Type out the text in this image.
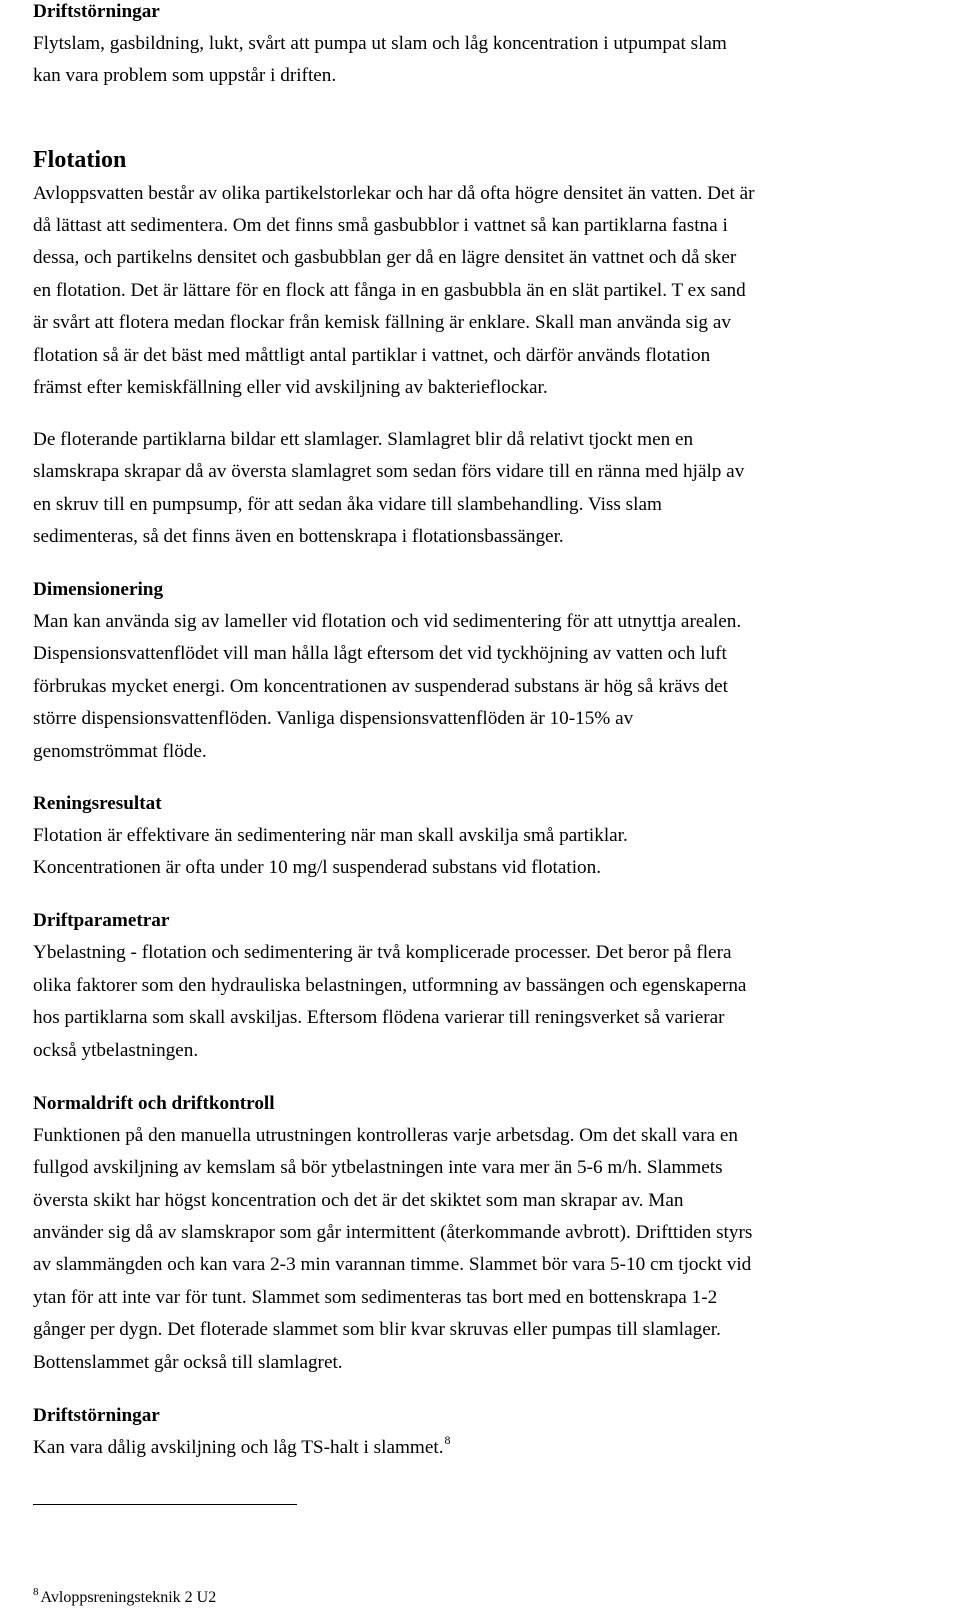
Driftstörningar
Flytslam, gasbildning, lukt, svårt att pumpa ut slam och låg koncentration i utpumpat slam
kan vara problem som uppstår i driften.
Flotation
Avloppsvatten består av olika partikelstorlekar och har då ofta högre densitet än vatten. Det är
då lättast att sedimentera. Om det finns små gasbubblor i vattnet så kan partiklarna fastna i
dessa, och partikelns densitet och gasbubblan ger då en lägre densitet än vattnet och då sker
en flotation. Det är lättare för en flock att fånga in en gasbubbla än en slät partikel. T ex sand
är svårt att flotera medan flockar från kemisk fällning är enklare. Skall man använda sig av
flotation så är det bäst med måttligt antal partiklar i vattnet, och därför används flotation
främst efter kemiskfällning eller vid avskiljning av bakterieflockar.
De floterande partiklarna bildar ett slamlager. Slamlagret blir då relativt tjockt men en
slamskrapa skrapar då av översta slamlagret som sedan förs vidare till en ränna med hjälp av
en skruv till en pumpsump, för att sedan åka vidare till slambehandling. Viss slam
sedimenteras, så det finns även en bottenskrapa i flotationsbassänger.
Dimensionering
Man kan använda sig av lameller vid flotation och vid sedimentering för att utnyttja arealen.
Dispensionsvattenflödet vill man hålla lågt eftersom det vid tyckhöjning av vatten och luft
förbrukas mycket energi. Om koncentrationen av suspenderad substans är hög så krävs det
större dispensionsvattenflöden. Vanliga dispensionsvattenflöden är 10-15% av
genomströmmat flöde.
Reningsresultat
Flotation är effektivare än sedimentering när man skall avskilja små partiklar.
Koncentrationen är ofta under 10 mg/l suspenderad substans vid flotation.
Driftparametrar
Ybelastning - flotation och sedimentering är två komplicerade processer. Det beror på flera
olika faktorer som den hydrauliska belastningen, utformning av bassängen och egenskaperna
hos partiklarna som skall avskiljas. Eftersom flödena varierar till reningsverket så varierar
också ytbelastningen.
Normaldrift och driftkontroll
Funktionen på den manuella utrustningen kontrolleras varje arbetsdag. Om det skall vara en
fullgod avskiljning av kemslam så bör ytbelastningen inte vara mer än 5-6 m/h. Slammets
översta skikt har högst koncentration och det är det skiktet som man skrapar av. Man
använder sig då av slamskrapor som går intermittent (återkommande avbrott). Drifttiden styrs
av slammängden och kan vara 2-3 min varannan timme. Slammet bör vara 5-10 cm tjockt vid
ytan för att inte var för tunt. Slammet som sedimenteras tas bort med en bottenskrapa 1-2
gånger per dygn. Det floterade slammet som blir kvar skruvas eller pumpas till slamlager.
Bottenslammet går också till slamlagret.
Driftstörningar
Kan vara dålig avskiljning och låg TS-halt i slammet.$^8$
$^8$ Avloppsreningsteknik 2 U2
